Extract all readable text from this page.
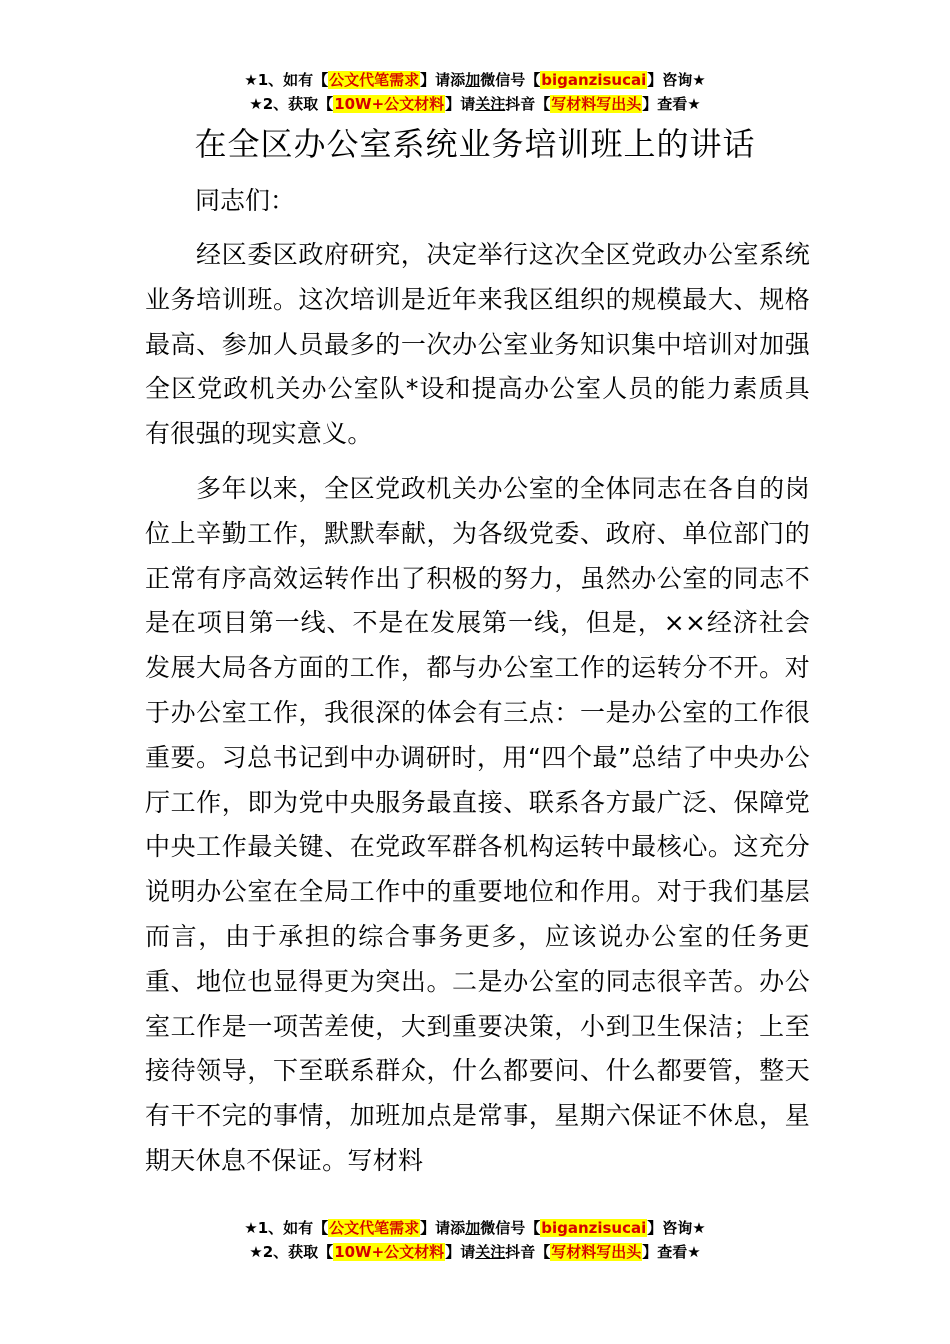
★1、如有【公文代笔需求】请添加微信号【biganzisucai】咨询★
★2、获取【10W+公文材料】请关注抖音【写材料写出头】查看★
在全区办公室系统业务培训班上的讲话
同志们：

经区委区政府研究，决定举行这次全区党政办公室系统业务培训班。这次培训是近年来我区组织的规模最大、规格最高、参加人员最多的一次办公室业务知识集中培训对加强全区党政机关办公室队*设和提高办公室人员的能力素质具有很强的现实意义。

多年以来，全区党政机关办公室的全体同志在各自的岗位上辛勤工作，默默奉献，为各级党委、政府、单位部门的正常有序高效运转作出了积极的努力，虽然办公室的同志不是在项目第一线、不是在发展第一线，但是，××经济社会发展大局各方面的工作，都与办公室工作的运转分不开。对于办公室工作，我很深的体会有三点：一是办公室的工作很重要。习总书记到中办调研时，用“四个最”总结了中央办公厅工作，即为党中央服务最直接、联系各方最广泛、保障党中央工作最关键、在党政军群各机构运转中最核心。这充分说明办公室在全局工作中的重要地位和作用。对于我们基层而言，由于承担的综合事务更多，应该说办公室的任务更重、地位也显得更为突出。二是办公室的同志很辛苦。办公室工作是一项苦差使，大到重要决策，小到卫生保洁；上至接待领导，下至联系群众，什么都要问、什么都要管，整天有干不完的事情，加班加点是常事，星期六保证不休息，星期天休息不保证。写材料

★1、如有【公文代笔需求】请添加微信号【biganzisucai】咨询★
★2、获取【10W+公文材料】请关注抖音【写材料写出头】查看★
